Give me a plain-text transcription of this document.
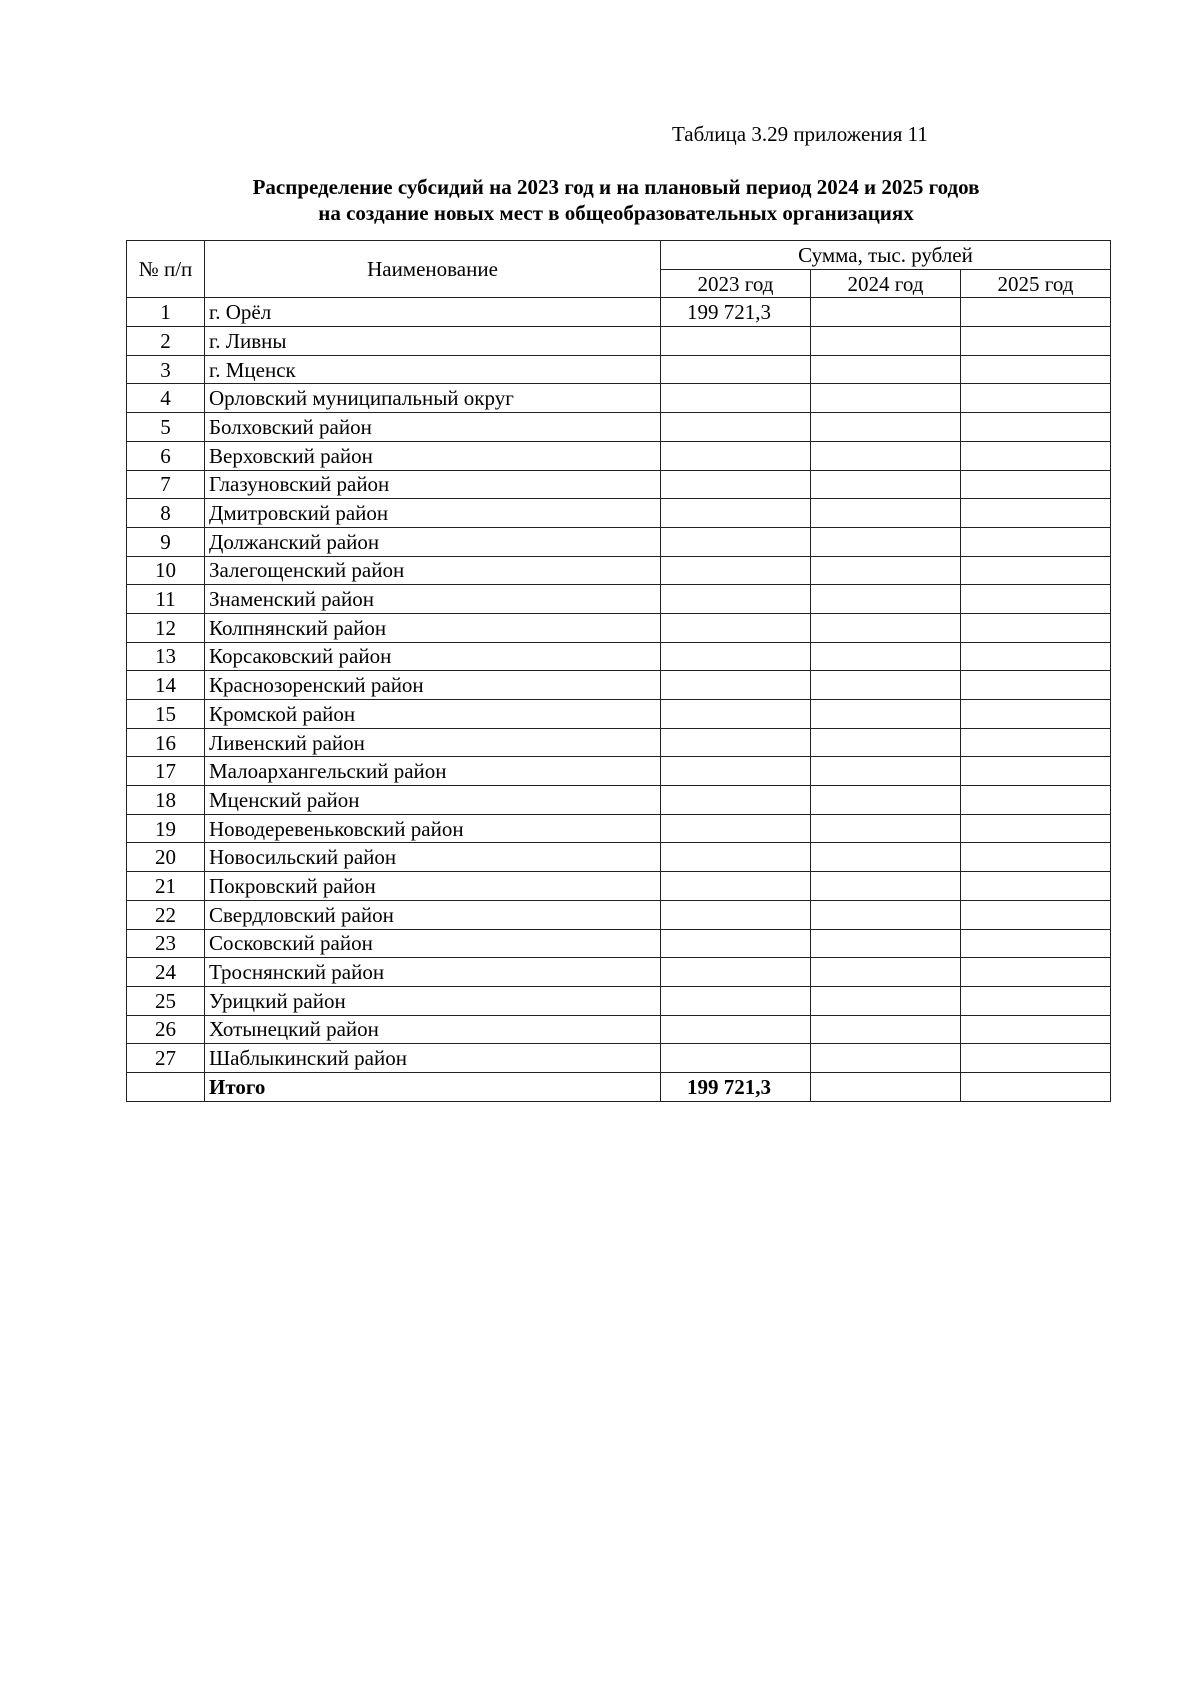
Таблица 3.29 приложения 11
Распределение субсидий на 2023 год и на плановый период 2024 и 2025 годов
на создание новых мест в общеобразовательных организациях
№ п/п	Наименование	Сумма, тыс. рублей		
		2023 год	2024 год	2025 год
1	г. Орёл	199 721,3		
2	г. Ливны			
3	г. Мценск			
4	Орловский муниципальный округ			
5	Болховский район			
6	Верховский район			
7	Глазуновский район			
8	Дмитровский район			
9	Должанский район			
10	Залегощенский район			
11	Знаменский район			
12	Колпнянский район			
13	Корсаковский район			
14	Краснозоренский район			
15	Кромской район			
16	Ливенский район			
17	Малоархангельский район			
18	Мценский район			
19	Новодеревеньковский район			
20	Новосильский район			
21	Покровский район			
22	Свердловский район			
23	Сосковский район			
24	Троснянский район			
25	Урицкий район			
26	Хотынецкий район			
27	Шаблыкинский район			
	Итого	199 721,3		
